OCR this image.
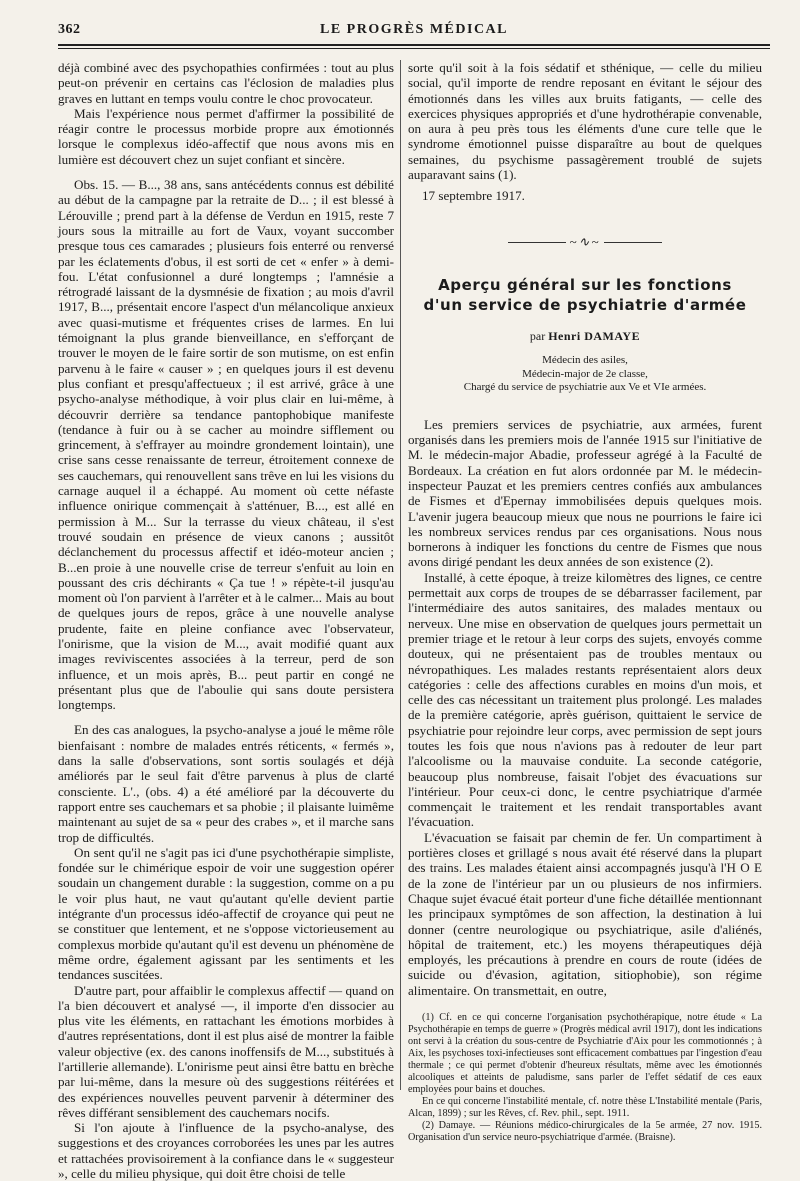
362	LE PROGRÈS MÉDICAL

déjà combiné avec des psychopathies confirmées : tout au plus peut-on prévenir en certains cas l'éclosion de maladies plus graves en luttant en temps voulu contre le choc provocateur.

Mais l'expérience nous permet d'affirmer la possibilité de réagir contre le processus morbide propre aux émotionnés lorsque le complexus idéo-affectif que nous avons mis en lumière est découvert chez un sujet confiant et sincère.

Obs. 15. — B..., 38 ans, sans antécédents connus est débilité au début de la campagne par la retraite de D... ; il est blessé à Lérouville ; prend part à la défense de Verdun en 1915, reste 7 jours sous la mitraille au fort de Vaux, voyant succomber presque tous ces camarades ; plusieurs fois enterré ou renversé par les éclatements d'obus, il est sorti de cet « enfer » à demi-fou. L'état confusionnel a duré longtemps ; l'amnésie a rétrogradé laissant de la dysmnésie de fixation ; au mois d'avril 1917, B..., présentait encore l'aspect d'un mélancolique anxieux avec quasi-mutisme et fréquentes crises de larmes. En lui témoignant la plus grande bienveillance, en s'efforçant de trouver le moyen de le faire sortir de son mutisme, on est enfin parvenu à le faire « causer » ; en quelques jours il est devenu plus confiant et presqu'affectueux ; il est arrivé, grâce à une psycho-analyse méthodique, à voir plus clair en lui-même, à découvrir derrière sa tendance pantophobique manifeste (tendance à fuir ou à se cacher au moindre sifflement ou grincement, à s'effrayer au moindre grondement lointain), une crise sans cesse renaissante de terreur, étroitement connexe de ses cauchemars, qui renouvellent sans trêve en lui les visions du carnage auquel il a échappé. Au moment où cette néfaste influence onirique commençait à s'atténuer, B..., est allé en permission à M... Sur la terrasse du vieux château, il s'est trouvé soudain en présence de vieux canons ; aussitôt déclanchement du processus affectif et idéo-moteur ancien ; B...en proie à une nouvelle crise de terreur s'enfuit au loin en poussant des cris déchirants « Ça tue ! » répète-t-il jusqu'au moment où l'on parvient à l'arrêter et à le calmer... Mais au bout de quelques jours de repos, grâce à une nouvelle analyse prudente, faite en pleine confiance avec l'observateur, l'onirisme, que la vision de M..., avait modifié quant aux images reviviscentes associées à la terreur, perd de son influence, et un mois après, B... peut partir en congé ne présentant plus que de l'aboulie qui sans doute persistera longtemps.

En des cas analogues, la psycho-analyse a joué le même rôle bienfaisant : nombre de malades entrés réticents, « fermés », dans la salle d'observations, sont sortis soulagés et déjà améliorés par le seul fait d'être parvenus à plus de clarté consciente. L'., (obs. 4) a été amélioré par la découverte du rapport entre ses cauchemars et sa phobie ; il plaisante luimême maintenant au sujet de sa « peur des crabes », et il marche sans trop de difficultés.

On sent qu'il ne s'agit pas ici d'une psychothérapie simpliste, fondée sur le chimérique espoir de voir une suggestion opérer soudain un changement durable : la suggestion, comme on a pu le voir plus haut, ne vaut qu'autant qu'elle devient partie intégrante d'un processus idéo-affectif de croyance qui peut ne se constituer que lentement, et ne s'oppose victorieusement au complexus morbide qu'autant qu'il est devenu un phénomène de même ordre, également agissant par les sentiments et les tendances suscitées.

D'autre part, pour affaiblir le complexus affectif — quand on l'a bien découvert et analysé —, il importe d'en dissocier au plus vite les éléments, en rattachant les émotions morbides à d'autres représentations, dont il est plus aisé de montrer la faible valeur objective (ex. des canons inoffensifs de M..., substitués à l'artillerie allemande). L'onirisme peut ainsi être battu en brèche par lui-même, dans la mesure où des suggestions réitérées et des expériences nouvelles peuvent parvenir à déterminer des rêves différant sensiblement des cauchemars nocifs.

Si l'on ajoute à l'influence de la psycho-analyse, des suggestions et des croyances corroborées les unes par les autres et rattachées provisoirement à la confiance dans le « suggesteur », celle du milieu physique, qui doit être choisi de telle

sorte qu'il soit à la fois sédatif et sthénique, — celle du milieu social, qu'il importe de rendre reposant en évitant le séjour des émotionnés dans les villes aux bruits fatigants, — celle des exercices physiques appropriés et d'une hydrothérapie convenable, on aura à peu près tous les éléments d'une cure telle que le syndrome émotionnel puisse disparaître au bout de quelques semaines, du psychisme passagèrement troublé de sujets auparavant sains (1).

17 septembre 1917.

~∿~
Aperçu général sur les fonctions
d'un service de psychiatrie d'armée
par Henri DAMAYE
Médecin des asiles,
Médecin-major de 2e classe,
Chargé du service de psychiatrie aux Ve et VIe armées.

Les premiers services de psychiatrie, aux armées, furent organisés dans les premiers mois de l'année 1915 sur l'initiative de M. le médecin-major Abadie, professeur agrégé à la Faculté de Bordeaux. La création en fut alors ordonnée par M. le médecin-inspecteur Pauzat et les premiers centres confiés aux ambulances de Fismes et d'Epernay immobilisées depuis quelques mois. L'avenir jugera beaucoup mieux que nous ne pourrions le faire ici les nombreux services rendus par ces organisations. Nous nous bornerons à indiquer les fonctions du centre de Fismes que nous avons dirigé pendant les deux années de son existence (2).

Installé, à cette époque, à treize kilomètres des lignes, ce centre permettait aux corps de troupes de se débarrasser facilement, par l'intermédiaire des autos sanitaires, des malades mentaux ou nerveux. Une mise en observation de quelques jours permettait un premier triage et le retour à leur corps des sujets, envoyés comme douteux, qui ne présentaient pas de troubles mentaux ou névropathiques. Les malades restants représentaient alors deux catégories : celle des affections curables en moins d'un mois, et celle des cas nécessitant un traitement plus prolongé. Les malades de la première catégorie, après guérison, quittaient le service de psychiatrie pour rejoindre leur corps, avec permission de sept jours toutes les fois que nous n'avions pas à redouter de leur part l'alcoolisme ou la mauvaise conduite. La seconde catégorie, beaucoup plus nombreuse, faisait l'objet des évacuations sur l'intérieur. Pour ceux-ci donc, le centre psychiatrique d'armée commençait le traitement et les rendait transportables avant l'évacuation.

L'évacuation se faisait par chemin de fer. Un compartiment à portières closes et grillagé s nous avait été réservé dans la plupart des trains. Les malades étaient ainsi accompagnés jusqu'à l'H O E de la zone de l'intérieur par un ou plusieurs de nos infirmiers. Chaque sujet évacué était porteur d'une fiche détaillée mentionnant les principaux symptômes de son affection, la destination à lui donner (centre neurologique ou psychiatrique, asile d'aliénés, hôpital de traitement, etc.) les moyens thérapeutiques déjà employés, les précautions à prendre en cours de route (idées de suicide ou d'évasion, agitation, sitiophobie), son régime alimentaire. On transmettait, en outre,

(1) Cf. en ce qui concerne l'organisation psychothérapique, notre étude « La Psychothérapie en temps de guerre » (Progrès médical avril 1917), dont les indications ont servi à la création du sous-centre de Psychiatrie d'Aix pour les commotionnés ; à Aix, les psychoses toxi-infectieuses sont efficacement combattues par l'ingestion d'eau thermale ; ce qui permet d'obtenir d'heureux résultats, même avec les émotionnés alcooliques et atteints de paludisme, sans parler de l'effet sédatif de ces eaux employées pour bains et douches.

En ce qui concerne l'instabilité mentale, cf. notre thèse L'Instabilité mentale (Paris, Alcan, 1899) ; sur les Rêves, cf. Rev. phil., sept. 1911.

(2) Damaye. — Réunions médico-chirurgicales de la 5e armée, 27 nov. 1915. Organisation d'un service neuro-psychiatrique d'armée. (Braisne).
